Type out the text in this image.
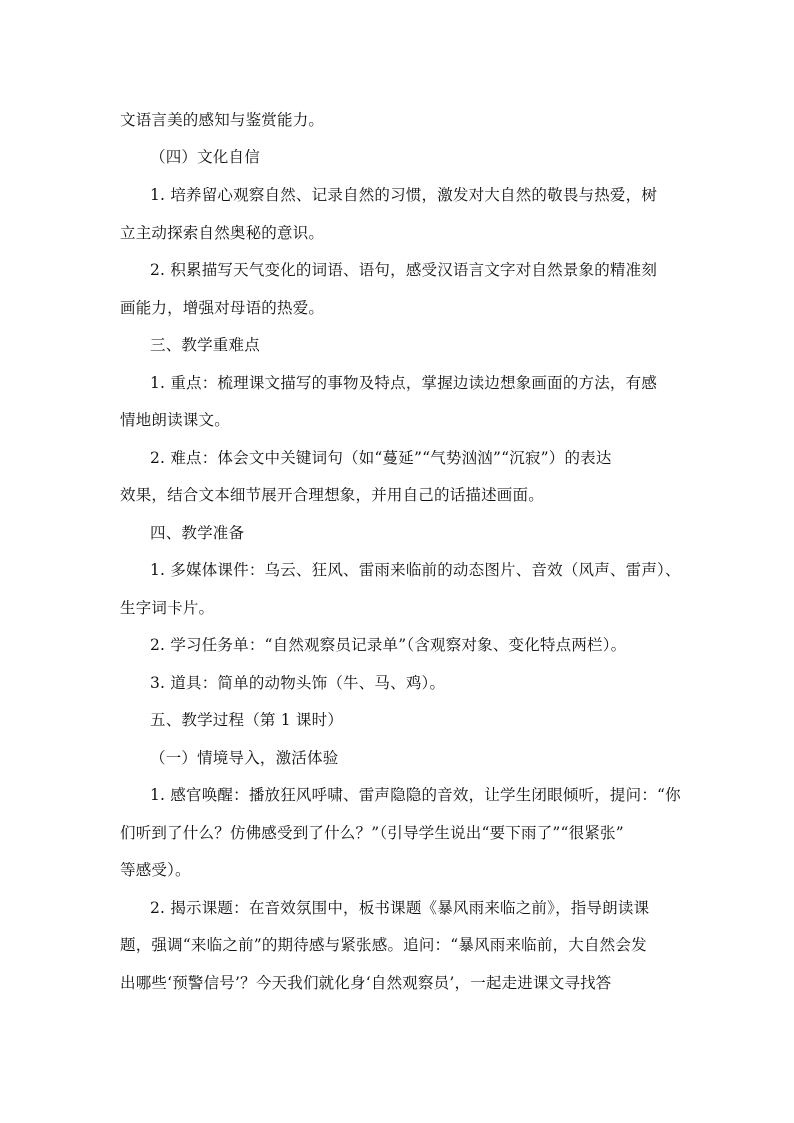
文语言美的感知与鉴赏能力。
（四）文化自信
1. 培养留心观察自然、记录自然的习惯，激发对大自然的敬畏与热爱，树
立主动探索自然奥秘的意识。
2. 积累描写天气变化的词语、语句，感受汉语言文字对自然景象的精准刻
画能力，增强对母语的热爱。
三、教学重难点
1. 重点：梳理课文描写的事物及特点，掌握边读边想象画面的方法，有感
情地朗读课文。
2. 难点：体会文中关键词句（如“蔓延”“气势汹汹”“沉寂”）的表达
效果，结合文本细节展开合理想象，并用自己的话描述画面。
四、教学准备
1. 多媒体课件：乌云、狂风、雷雨来临前的动态图片、音效（风声、雷声）、
生字词卡片。
2. 学习任务单：“自然观察员记录单”（含观察对象、变化特点两栏）。
3. 道具：简单的动物头饰（牛、马、鸡）。
五、教学过程（第 1 课时）
（一）情境导入，激活体验
1. 感官唤醒：播放狂风呼啸、雷声隐隐的音效，让学生闭眼倾听，提问：“你
们听到了什么？仿佛感受到了什么？”（引导学生说出“要下雨了”“很紧张”
等感受）。
2. 揭示课题：在音效氛围中，板书课题《暴风雨来临之前》，指导朗读课
题，强调“来临之前”的期待感与紧张感。追问：“暴风雨来临前，大自然会发
出哪些‘预警信号’？今天我们就化身‘自然观察员’，一起走进课文寻找答
